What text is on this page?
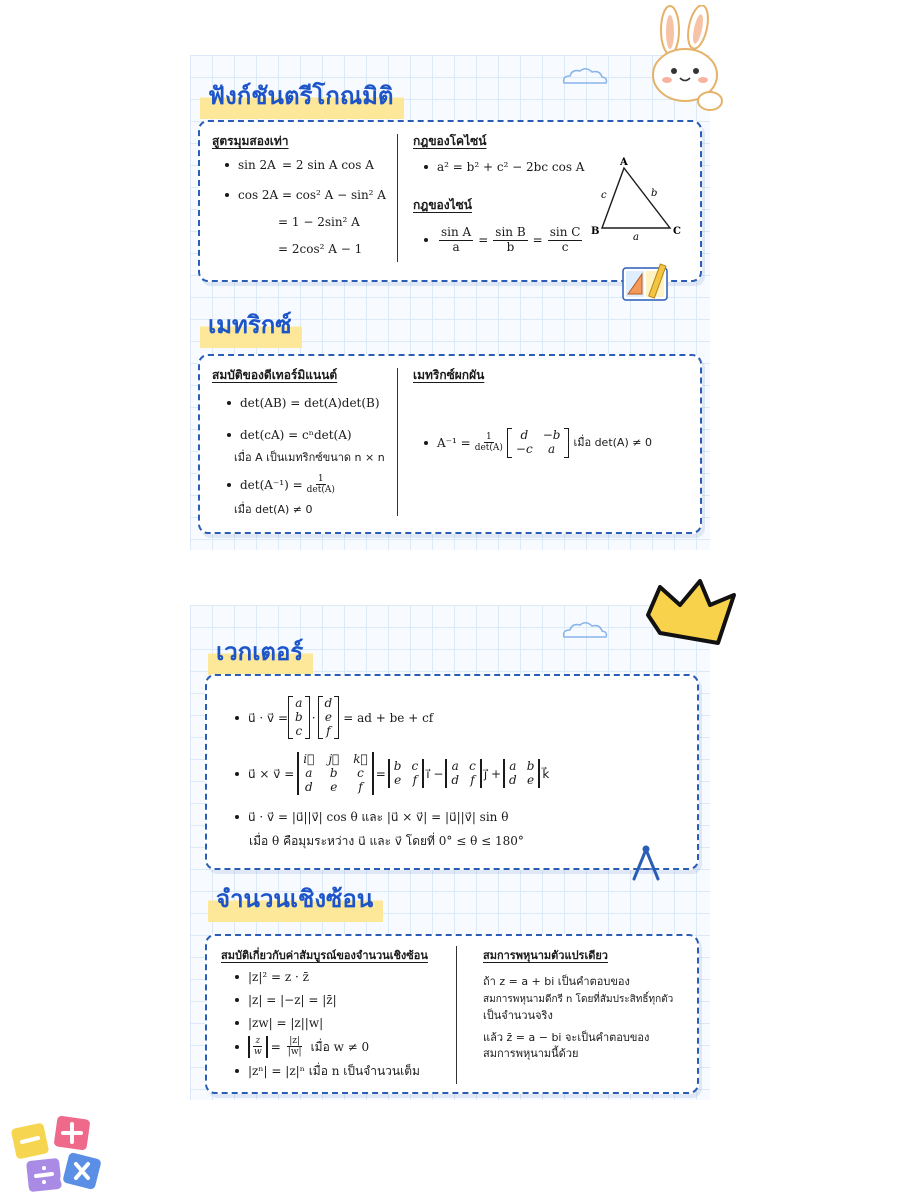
ฟังก์ชันตรีโกณมิติ
สูตรมุมสองเท่า
sin 2A = 2 sin A cos A
cos 2A = cos² A − sin² A
= 1 − 2sin² A
= 2cos² A − 1
กฎของโคไซน์
a² = b² + c² − 2bc cos A
กฎของไซน์
$\frac{\text{sin A}}{a} = \frac{\text{sin B}}{b} = \frac{\text{sin C}}{c}$
A
B	C
a
b
c
เมทริกซ์
สมบัติของดีเทอร์มิแนนต์
det(AB) = det(A)det(B)
det(cA) = cⁿdet(A)
เมื่อ A เป็นเมทริกซ์ขนาด n × n
$\det(A^{-1}) = \frac{1}{\det(A)}$
เมื่อ det(A) ≠ 0
เมทริกซ์ผกผัน
$A^{-1} = \frac{1}{\det(A)}$	d	−b
−c	a	เมื่อ det(A) ≠ 0
เวกเตอร์
u⃗ · v⃗ =
a
b
c
·
d
e
f
= ad + be + cf
u⃗ × v⃗ =
i⃗ j⃗ k⃗
a b	c
d e	f
=
b c
e f i⃗ −
a c
d f j⃗ +
a b
d e k⃗
u⃗ · v⃗ = |u⃗||v⃗| cos θ และ |u⃗ × v⃗| = |u⃗||v⃗| sin θ
เมื่อ θ คือมุมระหว่าง u⃗ และ v⃗ โดยที่ 0° ≤ θ ≤ 180°
จำนวนเชิงซ้อน
สมบัติเกี่ยวกับค่าสัมบูรณ์ของจำนวนเชิงซ้อน
|z|² = z · z̄
|z| = |−z| = |z̄|
|zw| = |z||w|
$\frac{z}{w} = \frac{|z|}{|w|}$ เมื่อ w ≠ 0
|zⁿ| = |z|ⁿ เมื่อ n เป็นจำนวนเต็ม
สมการพหุนามตัวแปรเดียว
ถ้า z = a + bi เป็นคำตอบของ
สมการพหุนามดีกรี n โดยที่สัมประสิทธิ์ทุกตัว
เป็นจำนวนจริง
แล้ว z̄ = a − bi จะเป็นคำตอบของ
สมการพหุนามนี้ด้วย
